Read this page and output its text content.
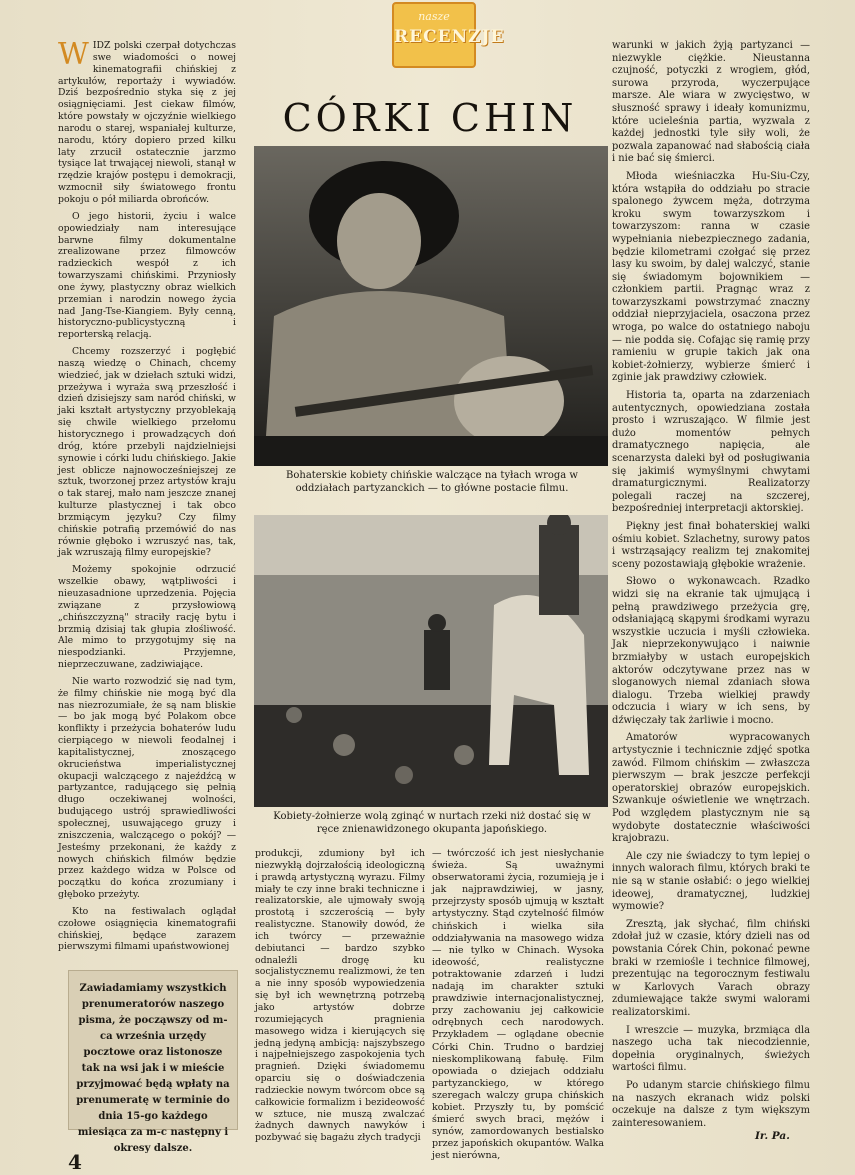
nasze
RECENZJE
CÓRKI CHIN

WIDZ polski czerpał dotychczas swe wiadomości o nowej kinematografii chińskiej z artykułów, reportaży i wywiadów. Dziś bezpośrednio styka się z jej osiągnięciami. Jest ciekaw filmów, które powstały w ojczyźnie wielkiego narodu o starej, wspaniałej kulturze, narodu, który dopiero przed kilku laty zrzucił ostatecznie jarzmo tysiące lat trwającej niewoli, stanął w rzędzie krajów postępu i demokracji, wzmocnił siły światowego frontu pokoju o pół miliarda obrońców.

O jego historii, życiu i walce opowiedziały nam interesujące barwne filmy dokumentalne zrealizowane przez filmowców radzieckich wespół z ich towarzyszami chińskimi. Przyniosły one żywy, plastyczny obraz wielkich przemian i narodzin nowego życia nad Jang-Tse-Kiangiem. Były cenną, historyczno-publicystyczną i reporterską relacją.

Chcemy rozszerzyć i pogłębić naszą wiedzę o Chinach, chcemy wiedzieć, jak w dziełach sztuki widzi, przeżywa i wyraża swą przeszłość i dzień dzisiejszy sam naród chiński, w jaki kształt artystyczny przyoblekają się chwile wielkiego przełomu historycznego i prowadzących doń dróg, które przebyli najdzielniejsi synowie i córki ludu chińskiego. Jakie jest oblicze najnowocześniejszej ze sztuk, tworzonej przez artystów kraju o tak starej, mało nam jeszcze znanej kulturze plastycznej i tak obco brzmiącym języku? Czy filmy chińskie potrafią przemówić do nas równie głęboko i wzruszyć nas, tak, jak wzruszają filmy europejskie?

Możemy spokojnie odrzucić wszelkie obawy, wątpliwości i nieuzasadnione uprzedzenia. Pojęcia związane z przysłowiową „chińszczyzną" straciły rację bytu i brzmią dzisiaj tak głupia złośliwość. Ale mimo to przygotujmy się na niespodzianki. Przyjemne, nieprzeczuwane, zadziwiające.

Nie warto rozwodzić się nad tym, że filmy chińskie nie mogą być dla nas niezrozumiałe, że są nam bliskie — bo jak mogą być Polakom obce konflikty i przeżycia bohaterów ludu cierpiącego w niewoli feodalnej i kapitalistycznej, znoszącego okrucieństwa imperialistycznej okupacji walczącego z najeźdźcą w partyzantce, radującego się pełnią długo oczekiwanej wolności, budującego ustrój sprawiedliwości społecznej, usuwającego gruzy i zniszczenia, walczącego o pokój? — Jesteśmy przekonani, że każdy z nowych chińskich filmów będzie przez każdego widza w Polsce od początku do końca zrozumiany i głęboko przeżyty.

Kto na festiwalach oglądał czołowe osiągnięcia kinematografii chińskiej, będące zarazem pierwszymi filmami upaństwowionej

Zawiadamiamy wszystkich prenumeratorów naszego pisma, że począwszy od m-ca września urzędy pocztowe oraz listonosze tak na wsi jak i w mieście przyjmować będą wpłaty na prenumeratę w terminie do dnia 15-go każdego miesiąca za m-c następny i okresy dalsze.
Bohaterskie kobiety chińskie walczące na tyłach wroga w oddziałach partyzanckich — to główne postacie filmu.
Kobiety-żołnierze wolą zginąć w nurtach rzeki niż dostać się w ręce znienawidzonego okupanta japońskiego.

produkcji, zdumiony był ich niezwykłą dojrzałością ideologiczną i prawdą artystyczną wyrazu. Filmy miały te czy inne braki techniczne i realizatorskie, ale ujmowały swoją prostotą i szczerością — były realistyczne. Stanowiły dowód, że ich twórcy — przeważnie debiutanci — bardzo szybko odnaleźli drogę ku socjalistycznemu realizmowi, że ten a nie inny sposób wypowiedzenia się był ich wewnętrzną potrzebą jako artystów dobrze rozumiejących pragnienia masowego widza i kierujących się jedną jedyną ambicją: najszybszego i najpełniejszego zaspokojenia tych pragnień. Dzięki świadomemu oparciu się o doświadczenia radzieckie nowym twórcom obce są całkowicie formalizm i bezideowość w sztuce, nie muszą zwalczać żadnych dawnych nawyków i pozbywać się bagażu złych tradycji

— twórczość ich jest niesłychanie świeża. Są uważnymi obserwatorami życia, rozumieją je i jak najprawdziwiej, w jasny, przejrzysty sposób ujmują w kształt artystyczny. Stąd czytelność filmów chińskich i wielka siła oddziaływania na masowego widza — nie tylko w Chinach. Wysoka ideowość, realistyczne potraktowanie zdarzeń i ludzi nadają im charakter sztuki prawdziwie internacjonalistycznej, przy zachowaniu jej całkowicie odrębnych cech narodowych. Przykładem — oglądane obecnie Córki Chin. Trudno o bardziej nieskomplikowaną fabułę. Film opowiada o dziejach oddziału partyzanckiego, w którego szeregach walczy grupa chińskich kobiet. Przyszły tu, by pomścić śmierć swych braci, mężów i synów, zamordowanych bestialsko przez japońskich okupantów. Walka jest nierówna,

warunki w jakich żyją partyzanci — niezwykle ciężkie. Nieustanna czujność, potyczki z wrogiem, głód, surowa przyroda, wyczerpujące marsze. Ale wiara w zwycięstwo, w słuszność sprawy i ideały komunizmu, które ucieleśnia partia, wyzwala z każdej jednostki tyle siły woli, że pozwala zapanować nad słabością ciała i nie bać się śmierci.

Młoda wieśniaczka Hu-Siu-Czy, która wstąpiła do oddziału po stracie spalonego żywcem męża, dotrzyma kroku swym towarzyszkom i towarzyszom: ranna w czasie wypełniania niebezpiecznego zadania, będzie kilometrami czołgać się przez lasy ku swoim, by dalej walczyć, stanie się świadomym bojownikiem — członkiem partii. Pragnąc wraz z towarzyszkami powstrzymać znaczny oddział nieprzyjaciela, osaczona przez wroga, po walce do ostatniego naboju — nie podda się. Cofając się ramię przy ramieniu w grupie takich jak ona kobiet-żołnierzy, wybierze śmierć i zginie jak prawdziwy człowiek.

Historia ta, oparta na zdarzeniach autentycznych, opowiedziana została prosto i wzruszająco. W filmie jest dużo momentów pełnych dramatycznego napięcia, ale scenarzysta daleki był od posługiwania się jakimiś wymyślnymi chwytami dramaturgicznymi. Realizatorzy polegali raczej na szczerej, bezpośredniej interpretacji aktorskiej.

Piękny jest finał bohaterskiej walki ośmiu kobiet. Szlachetny, surowy patos i wstrząsający realizm tej znakomitej sceny pozostawiają głębokie wrażenie.

Słowo o wykonawcach. Rzadko widzi się na ekranie tak ujmującą i pełną prawdziwego przeżycia grę, odsłaniającą skąpymi środkami wyrazu wszystkie uczucia i myśli człowieka. Jak nieprzekonywująco i naiwnie brzmiałyby w ustach europejskich aktorów odczytywane przez nas w sloganowych niemal zdaniach słowa dialogu. Trzeba wielkiej prawdy odczucia i wiary w ich sens, by dźwięczały tak żarliwie i mocno.

Amatorów wypracowanych artystycznie i technicznie zdjęć spotka zawód. Filmom chińskim — zwłaszcza pierwszym — brak jeszcze perfekcji operatorskiej obrazów europejskich. Szwankuje oświetlenie we wnętrzach. Pod względem plastycznym nie są wydobyte dostatecznie właściwości krajobrazu.

Ale czy nie świadczy to tym lepiej o innych walorach filmu, których braki te nie są w stanie osłabić: o jego wielkiej ideowej, dramatycznej, ludzkiej wymowie?

Zresztą, jak słychać, film chiński zdołał już w czasie, który dzieli nas od powstania Córek Chin, pokonać pewne braki w rzemiośle i technice filmowej, prezentując na tegorocznym festiwalu w Karlovych Varach obrazy zdumiewające także swymi walorami realizatorskimi.

I wreszcie — muzyka, brzmiąca dla naszego ucha tak niecodziennie, dopełnia oryginalnych, świeżych wartości filmu.

Po udanym starcie chińskiego filmu na naszych ekranach widz polski oczekuje na dalsze z tym większym zainteresowaniem.

Ir. Pa.
4
